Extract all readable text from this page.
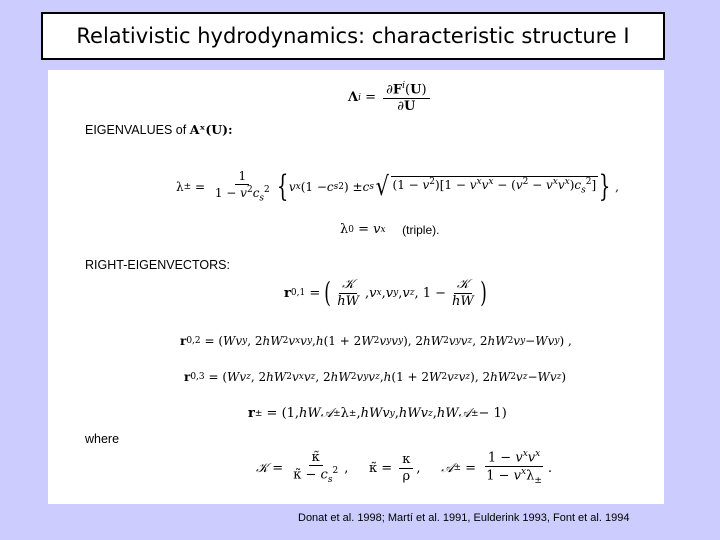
Relativistic hydrodynamics: characteristic structure I
Λ $i = \frac{\partial F^i(U)}{\partial U}$
EIGENVALUES of Aˣ(U):
λ ± = $\frac{1}{1 - v^2c_s^2}$ { v x (1 − c s 2 ) ± c s √ $(1 - v^2)[1 - v^xv^x - (v^2 - v^xv^x)c_s^2]$ } ,
λ 0 = v x
(triple).
RIGHT-EIGENVECTORS:
r 0,1 = ( $\frac{\text{𝒦}}{hW}$ , v x , v y , v z , $1 - \frac{\text{𝒦}}{hW}$ )
r 0,2 = ( Wv y , 2 hW 2 v x v y , h (1 + 2 W 2 v y v y ), 2 hW 2 v y v z , 2 hW 2 v y − Wv y ) ,
r 0,3 = ( Wv z , 2 hW 2 v x v z , 2 hW 2 v y v z , h (1 + 2 W 2 v z v z ), 2 hW 2 v z − Wv z )
r ± = (1, hW𝒜 ± λ ± , hWv y , hWv z , hW𝒜 ± − 1)
where
𝒦 = $\frac{\kappã}{\kappã - c_s^2}$ ,     κ̃ = $\frac{\kappa}{\rho}$ , 𝒜 ± = $\frac{1 - v^xv^x}{1 - v^x\lambda_\pm}$ .
Donat et al. 1998; Martí et al. 1991, Eulderink 1993, Font et al. 1994
